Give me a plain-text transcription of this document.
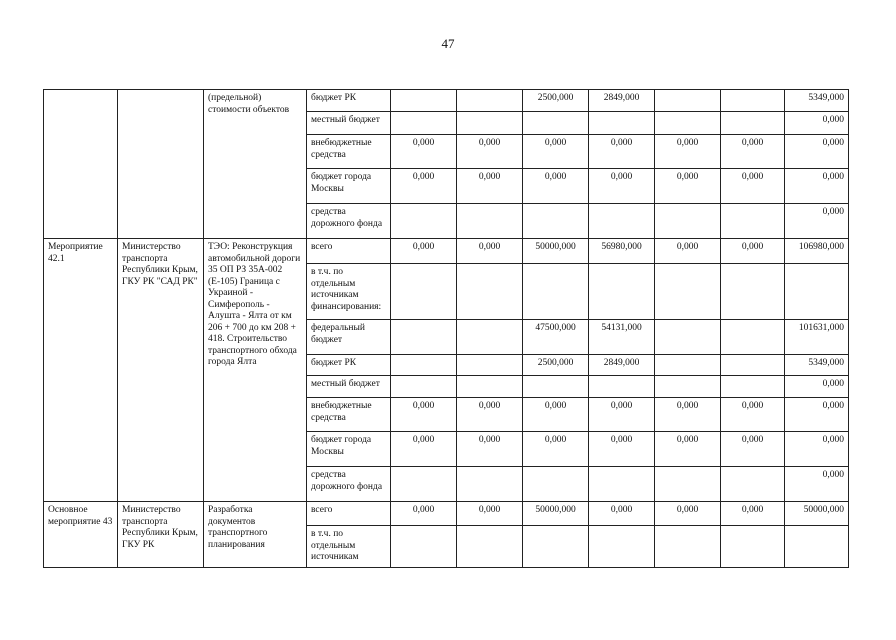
47
		(предельной) стоимости объектов	бюджет РК			2500,000	2849,000			5349,000
			местный бюджет							0,000
			внебюджетные средства	0,000	0,000	0,000	0,000	0,000	0,000	0,000
			бюджет города Москвы	0,000	0,000	0,000	0,000	0,000	0,000	0,000
			средства дорожного фонда							0,000
Мероприятие 42.1	Министерство транспорта Республики Крым, ГКУ РК "САД РК"	ТЭО: Реконструкция автомобильной дороги 35 ОП РЗ 35А-002 (Е-105) Граница с Украиной - Симферополь - Алушта - Ялта от км 206 + 700 до км 208 + 418. Строительство транспортного обхода города Ялта	всего	0,000	0,000	50000,000	56980,000	0,000	0,000	106980,000
			в т.ч. по отдельным источникам финансирования:							
			федеральный бюджет			47500,000	54131,000			101631,000
			бюджет РК			2500,000	2849,000			5349,000
			местный бюджет							0,000
			внебюджетные средства	0,000	0,000	0,000	0,000	0,000	0,000	0,000
			бюджет города Москвы	0,000	0,000	0,000	0,000	0,000	0,000	0,000
			средства дорожного фонда							0,000
Основное мероприятие 43	Министерство транспорта Республики Крым, ГКУ РК	Разработка документов транспортного планирования	всего	0,000	0,000	50000,000	0,000	0,000	0,000	50000,000
			в т.ч. по отдельным источникам							
